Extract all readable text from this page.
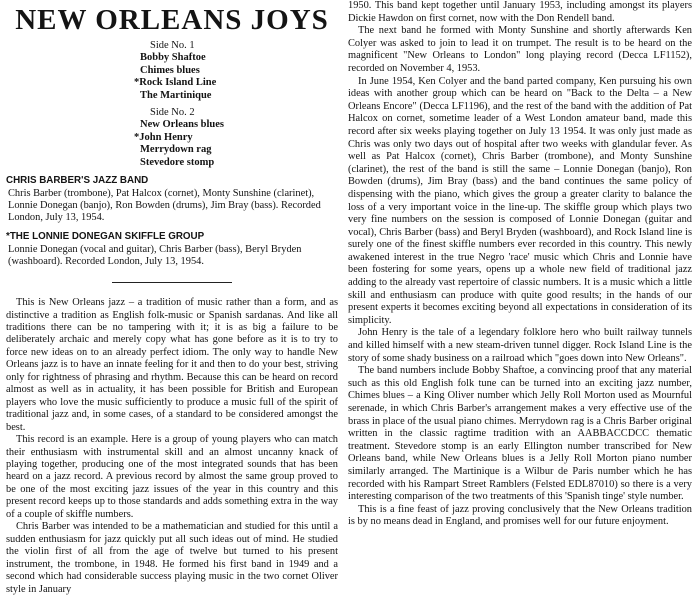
NEW ORLEANS JOYS
Side No. 1
Bobby Shaftoe
Chimes blues
*Rock Island Line
The Martinique
Side No. 2
New Orleans blues
*John Henry
Merrydown rag
Stevedore stomp
CHRIS BARBER'S JAZZ BAND
Chris Barber (trombone), Pat Halcox (cornet), Monty Sunshine (clarinet), Lonnie Donegan (banjo), Ron Bowden (drums), Jim Bray (bass). Recorded London, July 13, 1954.
*THE LONNIE DONEGAN SKIFFLE GROUP
Lonnie Donegan (vocal and guitar), Chris Barber (bass), Beryl Bryden (washboard). Recorded London, July 13, 1954.

This is New Orleans jazz – a tradition of music rather than a form, and as distinctive a tradition as English folk-music or Spanish sardanas. And like all traditions there can be no tampering with it; it is as big a failure to be deliberately archaic and merely copy what has gone before as it is to try to force new ideas on to an already perfect idiom. The only way to handle New Orleans jazz is to have an innate feeling for it and then to do your best, striving only for rightness of phrasing and rhythm. Because this can be heard on record almost as well as in actuality, it has been possible for British and European players who love the music sufficiently to produce a music full of the spirit of traditional jazz and, in some cases, of a standard to be considered amongst the best.

This record is an example. Here is a group of young players who can match their enthusiasm with instrumental skill and an almost uncanny knack of playing together, producing one of the most integrated sounds that has been heard on a jazz record. A previous record by almost the same group proved to be one of the most exciting jazz issues of the year in this country and this present record keeps up to those standards and adds something extra in the way of a couple of skiffle numbers.

Chris Barber was intended to be a mathematician and studied for this until a sudden enthusiasm for jazz quickly put all such ideas out of mind. He studied the violin first of all from the age of twelve but turned to his present instrument, the trombone, in 1948. He formed his first band in 1949 and a second which had considerable success playing music in the two cornet Oliver style in January

1950. This band kept together until January 1953, including amongst its players Dickie Hawdon on first cornet, now with the Don Rendell band.

The next band he formed with Monty Sunshine and shortly afterwards Ken Colyer was asked to join to lead it on trumpet. The result is to be heard on the magnificent "New Orleans to London" long playing record (Decca LF1152), recorded on November 4, 1953.

In June 1954, Ken Colyer and the band parted company, Ken pursuing his own ideas with another group which can be heard on "Back to the Delta – a New Orleans Encore" (Decca LF1196), and the rest of the band with the addition of Pat Halcox on cornet, sometime leader of a West London amateur band, made this record after six weeks playing together on July 13 1954. It was only just made as Chris was only two days out of hospital after two weeks with glandular fever. As well as Pat Halcox (cornet), Chris Barber (trombone), and Monty Sunshine (clarinet), the rest of the band is still the same – Lonnie Donegan (banjo), Ron Bowden (drums), Jim Bray (bass) and the band continues the same policy of dispensing with the piano, which gives the group a greater clarity to balance the loss of a very important voice in the line-up. The skiffle group which plays two very fine numbers on the session is composed of Lonnie Donegan (guitar and vocal), Chris Barber (bass) and Beryl Bryden (washboard), and Rock Island line is surely one of the finest skiffle numbers ever recorded in this country. This newly awakened interest in the true Negro 'race' music which Chris and Lonnie have been fostering for some years, opens up a whole new field of traditional jazz adding to the already vast repertoire of classic numbers. It is a music which a little skill and enthusiasm can produce with quite good results; in the hands of our present experts it becomes exciting beyond all expectations in consideration of its simplicity.

John Henry is the tale of a legendary folklore hero who built railway tunnels and killed himself with a new steam-driven tunnel digger. Rock Island Line is the story of some shady business on a railroad which "goes down into New Orleans".

The band numbers include Bobby Shaftoe, a convincing proof that any material such as this old English folk tune can be turned into an exciting jazz number, Chimes blues – a King Oliver number which Jelly Roll Morton used as Mournful serenade, in which Chris Barber's arrangement makes a very effective use of the brass in place of the usual piano chimes. Merrydown rag is a Chris Barber original written in the classic ragtime tradition with an AABBACCDCC thematic treatment. Stevedore stomp is an early Ellington number transcribed for New Orleans band, while New Orleans blues is a Jelly Roll Morton piano number similarly arranged. The Martinique is a Wilbur de Paris number which he has recorded with his Rampart Street Ramblers (Felsted EDL87010) so there is a very interesting comparison of the two treatments of this 'Spanish tinge' style number.

This is a fine feast of jazz proving conclusively that the New Orleans tradition is by no means dead in England, and promises well for our future enjoyment.
